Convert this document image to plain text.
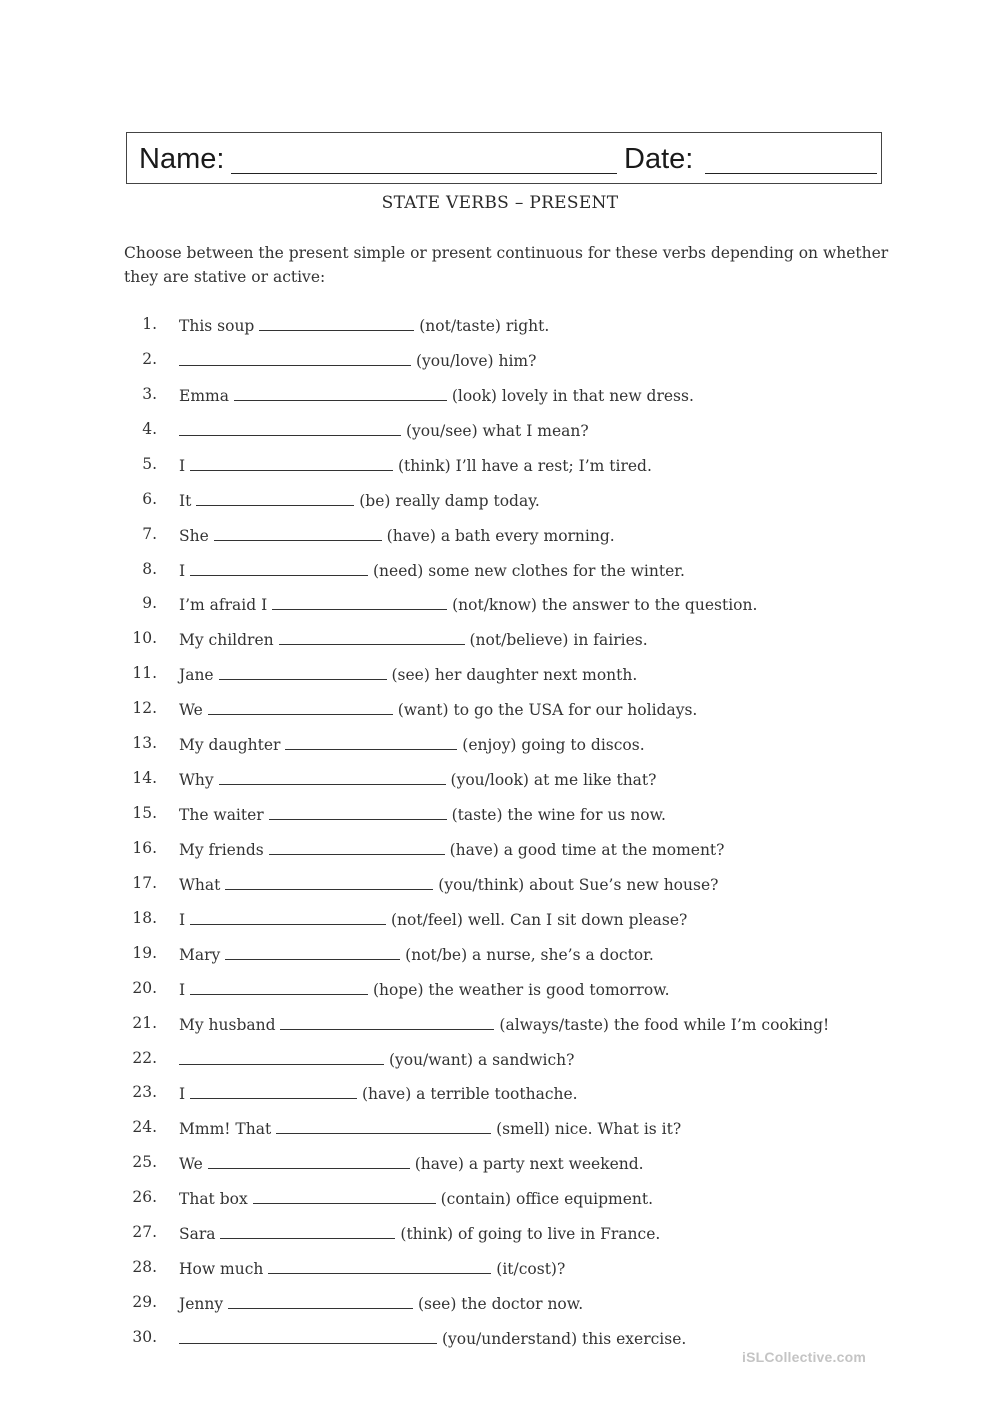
Name:	Date:
STATE VERBS – PRESENT
Choose between the present simple or present continuous for these verbs depending on whether they are stative or active:
1. This soup	(not/taste) right.
2.	(you/love) him?
3. Emma	(look) lovely in that new dress.
4.	(you/see) what I mean?
5. I	(think) I’ll have a rest; I’m tired.
6. It	(be) really damp today.
7. She	(have) a bath every morning.
8. I	(need) some new clothes for the winter.
9. I’m afraid I	(not/know) the answer to the question.
10. My children	(not/believe) in fairies.
11. Jane	(see) her daughter next month.
12. We	(want) to go the USA for our holidays.
13. My daughter	(enjoy) going to discos.
14. Why	(you/look) at me like that?
15. The waiter	(taste) the wine for us now.
16. My friends	(have) a good time at the moment?
17. What	(you/think) about Sue’s new house?
18. I	(not/feel) well. Can I sit down please?
19. Mary	(not/be) a nurse, she’s a doctor.
20. I	(hope) the weather is good tomorrow.
21. My husband	(always/taste) the food while I’m cooking!
22.	(you/want) a sandwich?
23. I	(have) a terrible toothache.
24. Mmm! That	(smell) nice. What is it?
25. We	(have) a party next weekend.
26. That box	(contain) office equipment.
27. Sara	(think) of going to live in France.
28. How much	(it/cost)?
29. Jenny	(see) the doctor now.
30.	(you/understand) this exercise.
iSLCollective.com
